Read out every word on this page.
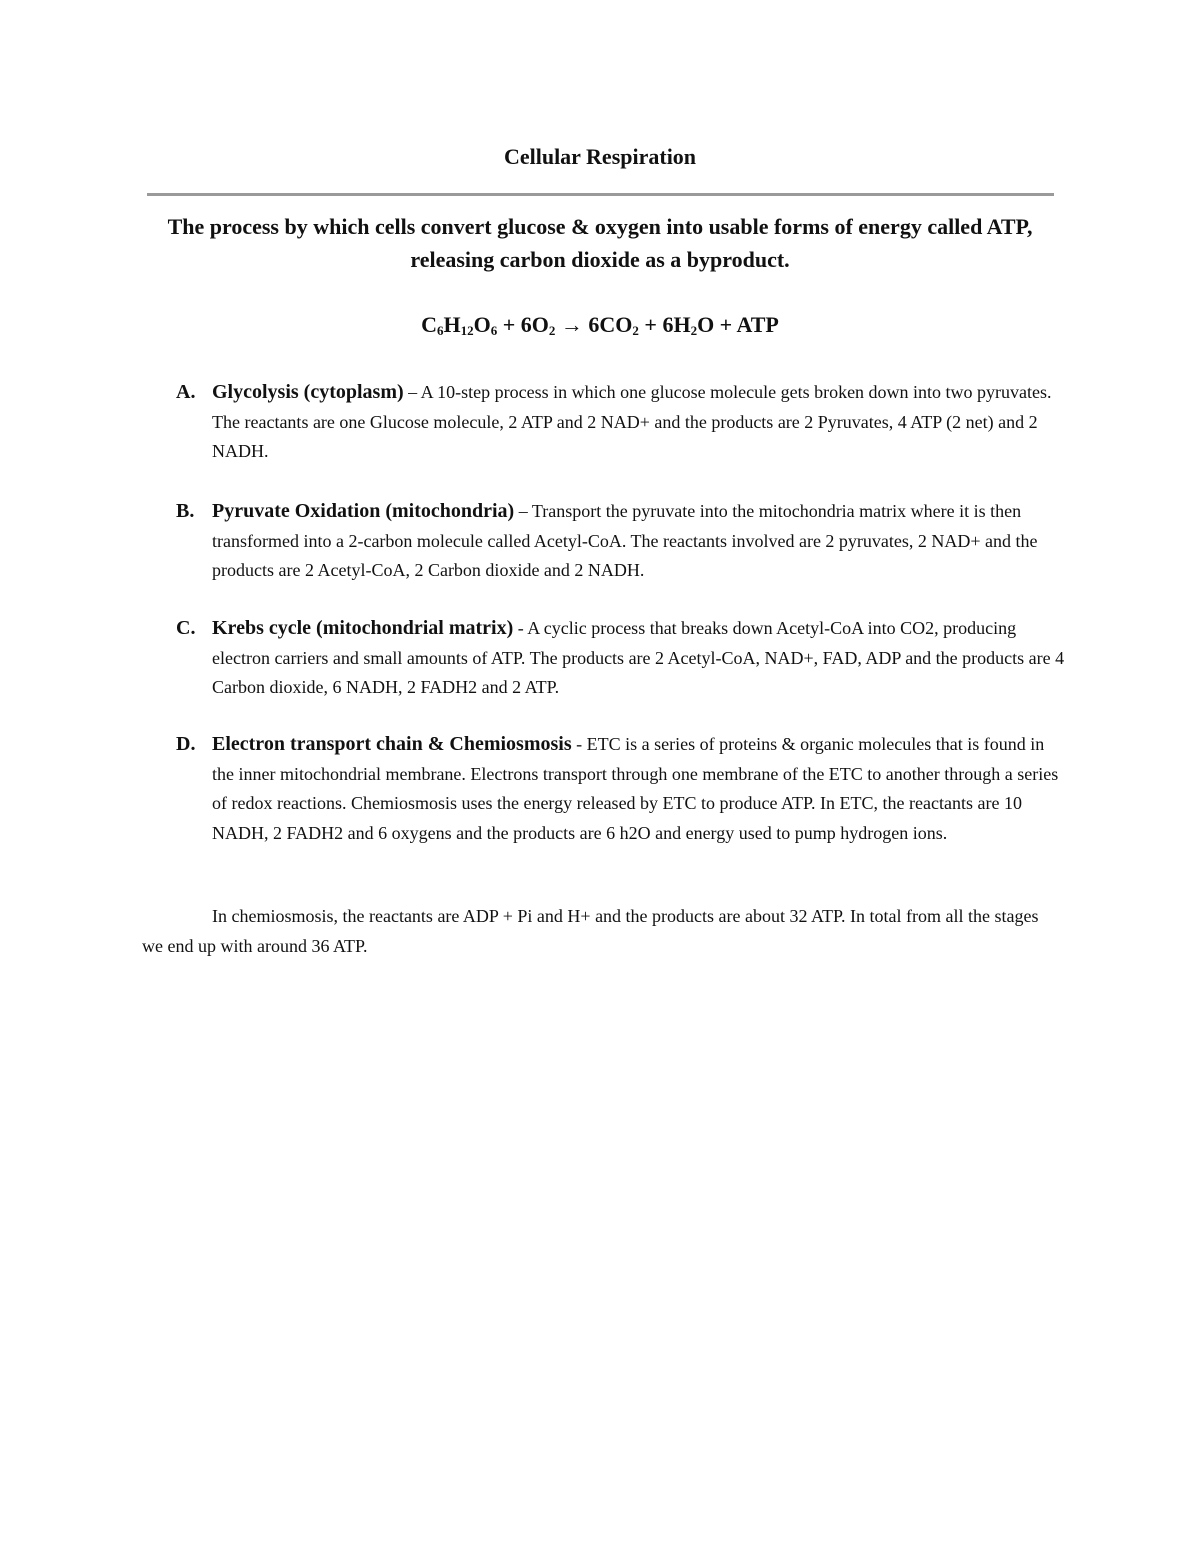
Cellular Respiration
The process by which cells convert glucose & oxygen into usable forms of energy called ATP, releasing carbon dioxide as a byproduct.
$C_6H_{12}O_6 + 6O_2 \to 6CO_2 + 6H_2O$ + ATP
A. Glycolysis (cytoplasm) – A 10-step process in which one glucose molecule gets broken down into two pyruvates. The reactants are one Glucose molecule, 2 ATP and 2 NAD+ and the products are 2 Pyruvates, 4 ATP (2 net) and 2 NADH.
B. Pyruvate Oxidation (mitochondria) – Transport the pyruvate into the mitochondria matrix where it is then transformed into a 2-carbon molecule called Acetyl-CoA. The reactants involved are 2 pyruvates, 2 NAD+ and the products are 2 Acetyl-CoA, 2 Carbon dioxide and 2 NADH.
C. Krebs cycle (mitochondrial matrix) - A cyclic process that breaks down Acetyl-CoA into CO2, producing electron carriers and small amounts of ATP. The products are 2 Acetyl-CoA, NAD+, FAD, ADP and the products are 4 Carbon dioxide, 6 NADH, 2 FADH2 and 2 ATP.
D. Electron transport chain & Chemiosmosis - ETC is a series of proteins & organic molecules that is found in the inner mitochondrial membrane. Electrons transport through one membrane of the ETC to another through a series of redox reactions. Chemiosmosis uses the energy released by ETC to produce ATP. In ETC, the reactants are 10 NADH, 2 FADH2 and 6 oxygens and the products are 6 h2O and energy used to pump hydrogen ions.
In chemiosmosis, the reactants are ADP + Pi and H+ and the products are about 32 ATP. In total from all the stages we end up with around 36 ATP.
